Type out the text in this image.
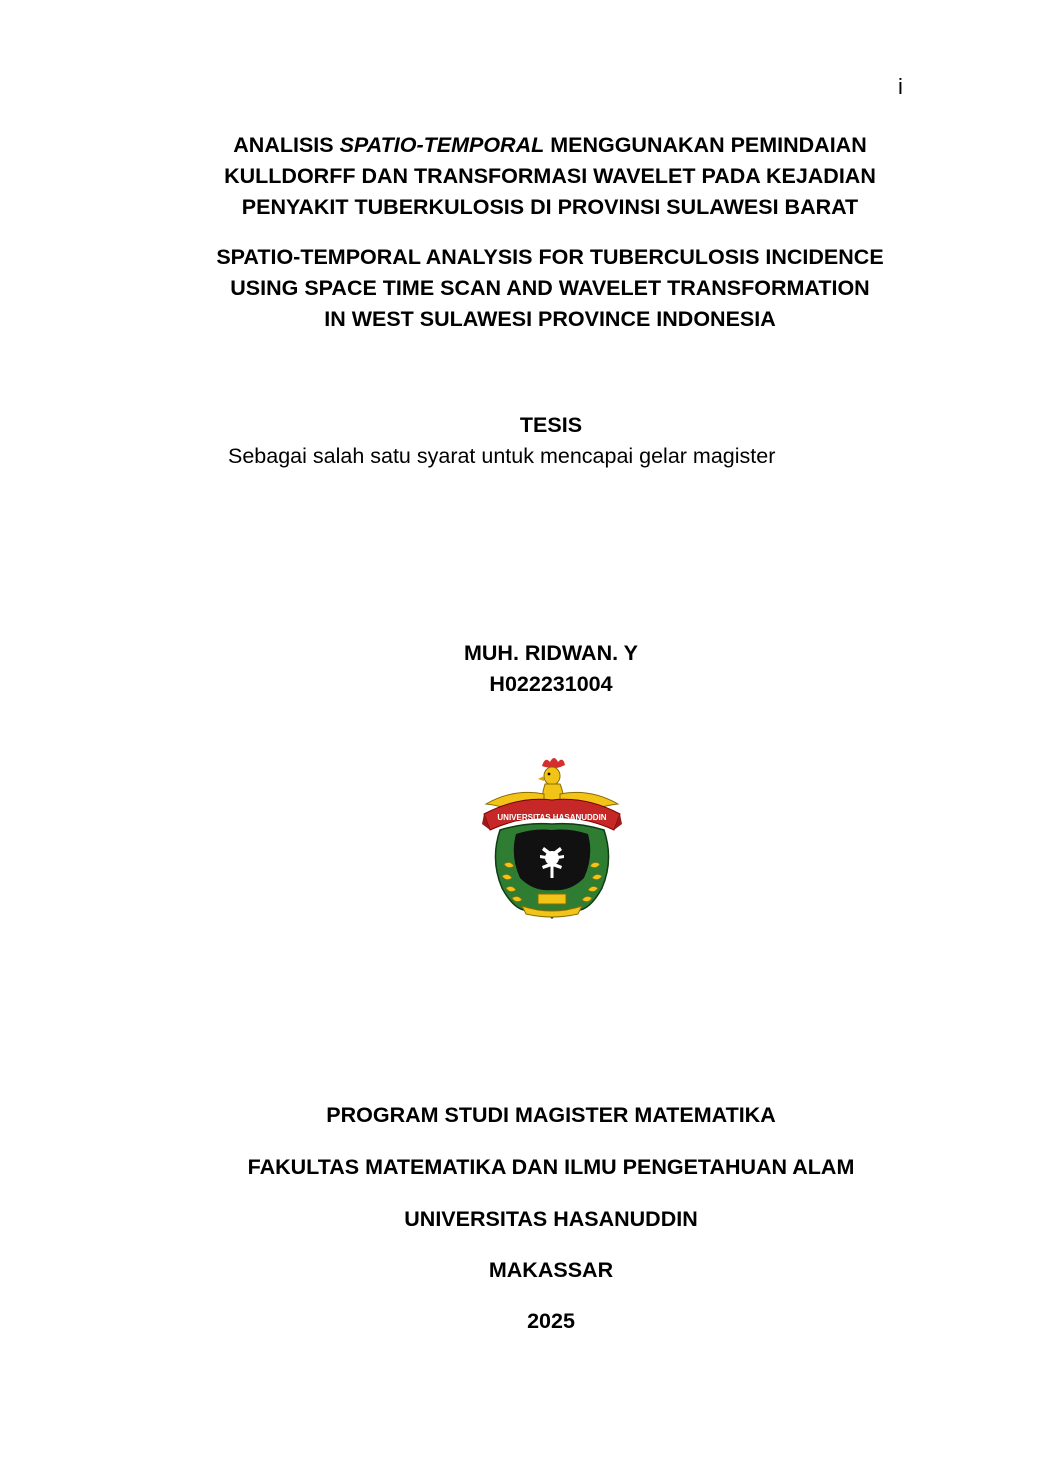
i
ANALISIS SPATIO-TEMPORAL MENGGUNAKAN PEMINDAIAN
KULLDORFF DAN TRANSFORMASI WAVELET PADA KEJADIAN
PENYAKIT TUBERKULOSIS DI PROVINSI SULAWESI BARAT
SPATIO-TEMPORAL ANALYSIS FOR TUBERCULOSIS INCIDENCE
USING SPACE TIME SCAN AND WAVELET TRANSFORMATION
IN WEST SULAWESI PROVINCE INDONESIA
TESIS
Sebagai salah satu syarat untuk mencapai gelar magister
MUH. RIDWAN. Y
H022231004
UNIVERSITAS HASANUDDIN
PROGRAM STUDI MAGISTER MATEMATIKA
FAKULTAS MATEMATIKA DAN ILMU PENGETAHUAN ALAM
UNIVERSITAS HASANUDDIN
MAKASSAR
2025
